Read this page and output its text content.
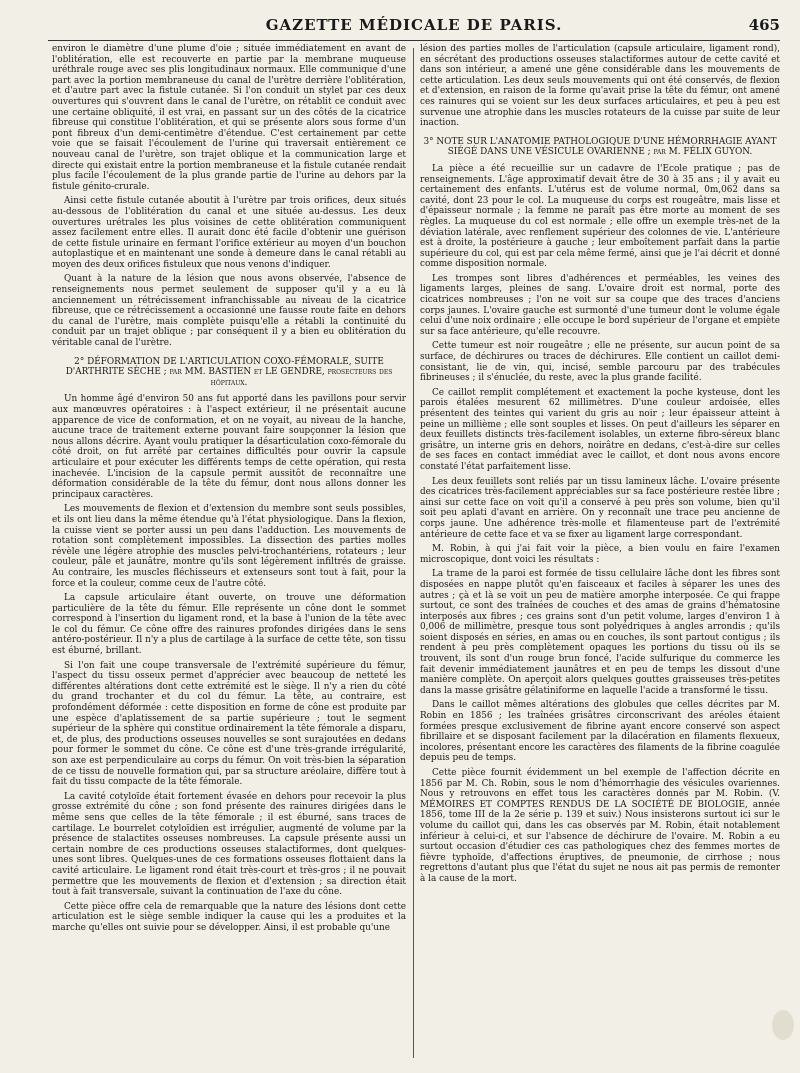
GAZETTE MÉDICALE DE PARIS.	465

environ le diamètre d'une plume d'oie ; située immédiatement en avant de l'oblitération, elle est recouverte en partie par la membrane muqueuse uréthrale rouge avec ses plis longitudinaux normaux. Elle communique d'une part avec la portion membraneuse du canal de l'urètre derrière l'oblitération, et d'autre part avec la fistule cutanée. Si l'on conduit un stylet par ces deux ouvertures qui s'ouvrent dans le canal de l'urètre, on rétablit ce conduit avec une certaine obliquité, il est vrai, en passant sur un des côtés de la cicatrice fibreuse qui constitue l'oblitération, et qui se présente alors sous forme d'un pont fibreux d'un demi-centimètre d'étendue. C'est certainement par cette voie que se faisait l'écoulement de l'urine qui traversait entièrement ce nouveau canal de l'urètre, son trajet oblique et la communication large et directe qui existait entre la portion membraneuse et la fistule cutanée rendait plus facile l'écoulement de la plus grande partie de l'urine au dehors par la fistule génito-crurale.

Ainsi cette fistule cutanée aboutit à l'urètre par trois orifices, deux situés au-dessous de l'oblitération du canal et une située au-dessus. Les deux ouvertures urétrales les plus voisines de cette oblitération communiquent assez facilement entre elles. Il aurait donc été facile d'obtenir une guérison de cette fistule urinaire en fermant l'orifice extérieur au moyen d'un bouchon autoplastique et en maintenant une sonde à demeure dans le canal rétabli au moyen des deux orifices fistuleux que nous venons d'indiquer.

Quant à la nature de la lésion que nous avons observée, l'absence de renseignements nous permet seulement de supposer qu'il y a eu là anciennement un rétrécissement infranchissable au niveau de la cicatrice fibreuse, que ce rétrécissement a occasionné une fausse route faite en dehors du canal de l'urètre, mais complète puisqu'elle a rétabli la continuité du conduit par un trajet oblique ; par conséquent il y a bien eu oblitération du véritable canal de l'urètre.

2° DÉFORMATION DE L'ARTICULATION COXO-FÉMORALE, SUITE D'ARTHRITE SÈCHE ; par MM. BASTIEN et LE GENDRE, prosecteurs des hôpitaux.

Un homme âgé d'environ 50 ans fut apporté dans les pavillons pour servir aux manœuvres opératoires : à l'aspect extérieur, il ne présentait aucune apparence de vice de conformation, et on ne voyait, au niveau de la hanche, aucune trace de traitement externe pouvant faire soupçonner la lésion que nous allons décrire. Ayant voulu pratiquer la désarticulation coxo-fémorale du côté droit, on fut arrêté par certaines difficultés pour ouvrir la capsule articulaire et pour exécuter les différents temps de cette opération, qui resta inachevée. L'incision de la capsule permit aussitôt de reconnaître une déformation considérable de la tête du fémur, dont nous allons donner les principaux caractères.

Les mouvements de flexion et d'extension du membre sont seuls possibles, et ils ont lieu dans la même étendue qu'à l'état physiologique. Dans la flexion, la cuisse vient se porter aussi un peu dans l'adduction. Les mouvements de rotation sont complètement impossibles. La dissection des parties molles révèle une légère atrophie des muscles pelvi-trochantériens, rotateurs ; leur couleur, pâle et jaunâtre, montre qu'ils sont légèrement infiltrés de graisse. Au contraire, les muscles fléchisseurs et extenseurs sont tout à fait, pour la force et la couleur, comme ceux de l'autre côté.

La capsule articulaire étant ouverte, on trouve une déformation particulière de la tête du fémur. Elle représente un cône dont le sommet correspond à l'insertion du ligament rond, et la base à l'union de la tête avec le col du fémur. Ce cône offre des rainures profondes dirigées dans le sens antéro-postérieur. Il n'y a plus de cartilage à la surface de cette tête, son tissu est éburné, brillant.

Si l'on fait une coupe transversale de l'extrémité supérieure du fémur, l'aspect du tissu osseux permet d'apprécier avec beaucoup de netteté les différentes altérations dont cette extrémité est le siège. Il n'y a rien du côté du grand trochanter et du col du fémur. La tête, au contraire, est profondément déformée : cette disposition en forme de cône est produite par une espèce d'aplatissement de sa partie supérieure ; tout le segment supérieur de la sphère qui constitue ordinairement la tête fémorale a disparu, et, de plus, des productions osseuses nouvelles se sont surajoutées en dedans pour former le sommet du cône. Ce cône est d'une très-grande irrégularité, son axe est perpendiculaire au corps du fémur. On voit très-bien la séparation de ce tissu de nouvelle formation qui, par sa structure aréolaire, diffère tout à fait du tissu compacte de la tête fémorale.

La cavité cotyloïde était fortement évasée en dehors pour recevoir la plus grosse extrémité du cône ; son fond présente des rainures dirigées dans le même sens que celles de la tête fémorale ; il est éburné, sans traces de cartilage. Le bourrelet cotyloïdien est irrégulier, augmenté de volume par la présence de stalactites osseuses nombreuses. La capsule présente aussi un certain nombre de ces productions osseuses stalactiformes, dont quelques-unes sont libres. Quelques-unes de ces formations osseuses flottaient dans la cavité articulaire. Le ligament rond était très-court et très-gros ; il ne pouvait permettre que les mouvements de flexion et d'extension ; sa direction était tout à fait transversale, suivant la continuation de l'axe du cône.

Cette pièce offre cela de remarquable que la nature des lésions dont cette articulation est le siège semble indiquer la cause qui les a produites et la marche qu'elles ont suivie pour se développer. Ainsi, il est probable qu'une

lésion des parties molles de l'articulation (capsule articulaire, ligament rond), en sécrétant des productions osseuses stalactiformes autour de cette cavité et dans son intérieur, a amené une gêne considérable dans les mouvements de cette articulation. Les deux seuls mouvements qui ont été conservés, de flexion et d'extension, en raison de la forme qu'avait prise la tête du fémur, ont amené ces rainures qui se voient sur les deux surfaces articulaires, et peu à peu est survenue une atrophie dans les muscles rotateurs de la cuisse par suite de leur inaction.

3° NOTE SUR L'ANATOMIE PATHOLOGIQUE D'UNE HÉMORRHAGIE AYANT SIÉGÉ DANS UNE VÉSICULE OVARIENNE ; par M. FÉLIX GUYON.

La pièce a été recueillie sur un cadavre de l'Ecole pratique ; pas de renseignements. L'âge approximatif devait être de 30 à 35 ans ; il y avait eu certainement des enfants. L'utérus est de volume normal, 0m,062 dans sa cavité, dont 23 pour le col. La muqueuse du corps est rougeâtre, mais lisse et d'épaisseur normale ; la femme ne paraît pas être morte au moment de ses règles. La muqueuse du col est normale ; elle offre un exemple très-net de la déviation latérale, avec renflement supérieur des colonnes de vie. L'antérieure est à droite, la postérieure à gauche ; leur emboîtement parfait dans la partie supérieure du col, qui est par cela même fermé, ainsi que je l'ai décrit et donné comme disposition normale.

Les trompes sont libres d'adhérences et perméables, les veines des ligaments larges, pleines de sang. L'ovaire droit est normal, porte des cicatrices nombreuses ; l'on ne voit sur sa coupe que des traces d'anciens corps jaunes. L'ovaire gauche est surmonté d'une tumeur dont le volume égale celui d'une noix ordinaire ; elle occupe le bord supérieur de l'organe et empiète sur sa face antérieure, qu'elle recouvre.

Cette tumeur est noir rougeâtre ; elle ne présente, sur aucun point de sa surface, de déchirures ou traces de déchirures. Elle contient un caillot demi-consistant, lie de vin, qui, incisé, semble parcouru par des trabécules fibrineuses ; il s'énuclée, du reste, avec la plus grande facilité.

Ce caillot remplit complétement et exactement la poche kysteuse, dont les parois étalées mesurent 62 millimètres. D'une couleur ardoisée, elles présentent des teintes qui varient du gris au noir ; leur épaisseur atteint à peine un millième ; elle sont souples et lisses. On peut d'ailleurs les séparer en deux feuillets distincts très-facilement isolables, un externe fibro-séreux blanc grisâtre, un interne gris en dehors, noirâtre en dedans, c'est-à-dire sur celles de ses faces en contact immédiat avec le caillot, et dont nous avons encore constaté l'état parfaitement lisse.

Les deux feuillets sont reliés par un tissu lamineux lâche. L'ovaire présente des cicatrices très-facilement appréciables sur sa face postérieure restée libre ; ainsi sur cette face on voit qu'il a conservé à peu près son volume, bien qu'il soit peu aplati d'avant en arrière. On y reconnaît une trace peu ancienne de corps jaune. Une adhérence très-molle et filamenteuse part de l'extrémité antérieure de cette face et va se fixer au ligament large correspondant.

M. Robin, à qui j'ai fait voir la pièce, a bien voulu en faire l'examen microscopique, dont voici les résultats :

La trame de la paroi est formée de tissu cellulaire lâche dont les fibres sont disposées en nappe plutôt qu'en faisceaux et faciles à séparer les unes des autres ; çà et là se voit un peu de matière amorphe interposée. Ce qui frappe surtout, ce sont des traînées de couches et des amas de grains d'hématosine interposés aux fibres ; ces grains sont d'un petit volume, larges d'environ 1 à 0,006 de millimètre, presque tous sont polyédriques à angles arrondis ; qu'ils soient disposés en séries, en amas ou en couches, ils sont partout contigus ; ils rendent à peu près complètement opaques les portions du tissu où ils se trouvent, ils sont d'un rouge brun foncé, l'acide sulfurique du commerce les fait devenir immédiatement jaunâtres et en peu de temps les dissout d'une manière complète. On aperçoit alors quelques gouttes graisseuses très-petites dans la masse grisâtre gélatiniforme en laquelle l'acide a transformé le tissu.

Dans le caillot mêmes altérations des globules que celles décrites par M. Robin en 1856 ; les traînées grisâtres circonscrivant des aréoles étaient formées presque exclusivement de fibrine ayant encore conservé son aspect fibrillaire et se disposant facilement par la dilacération en filaments flexueux, incolores, présentant encore les caractères des filaments de la fibrine coagulée depuis peu de temps.

Cette pièce fournit évidemment un bel exemple de l'affection décrite en 1856 par M. Ch. Robin, sous le nom d'hémorrhagie des vésicules ovariennes. Nous y retrouvons en effet tous les caractères donnés par M. Robin. (V. MÉMOIRES ET COMPTES RENDUS DE LA SOCIÉTÉ DE BIOLOGIE, année 1856, tome III de la 2e série p. 139 et suiv.) Nous insisterons surtout ici sur le volume du caillot qui, dans les cas observés par M. Robin, était notablement inférieur à celui-ci, et sur l'absence de déchirure de l'ovaire. M. Robin a eu surtout occasion d'étudier ces cas pathologiques chez des femmes mortes de fièvre typhoïde, d'affections éruptives, de pneumonie, de cirrhose ; nous regrettons d'autant plus que l'état du sujet ne nous ait pas permis de remonter à la cause de la mort.
